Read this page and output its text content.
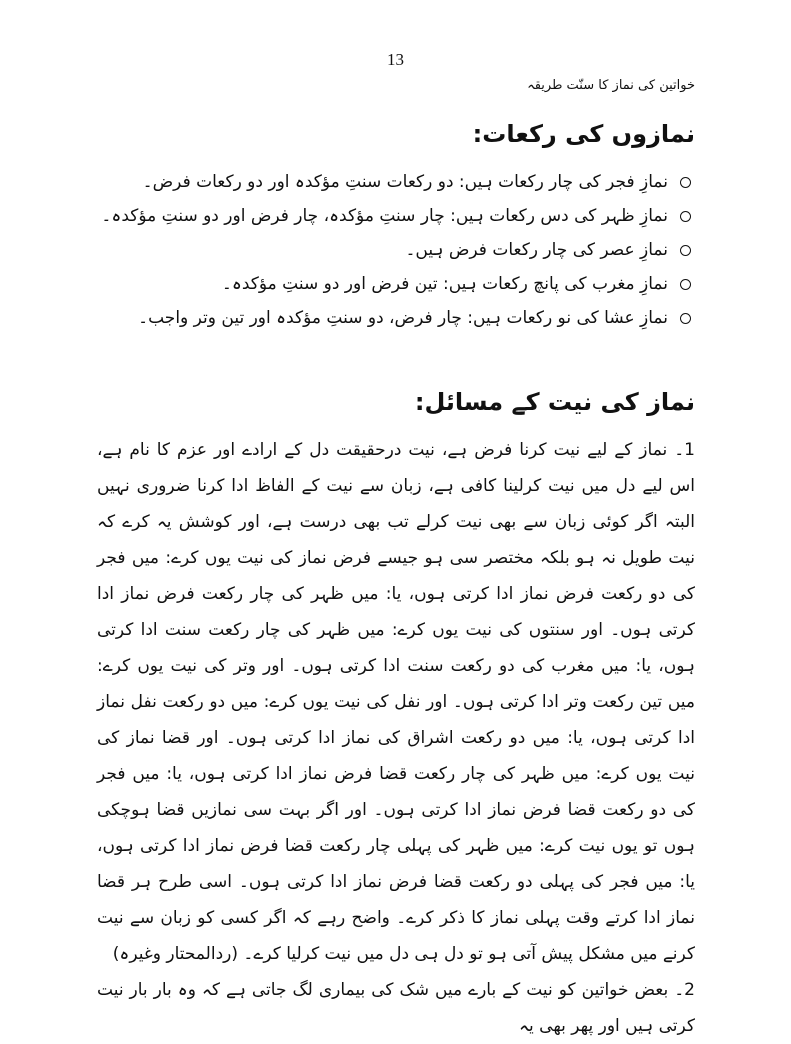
13
خواتین کی نماز کا سنّت طریقہ
نمازوں کی رکعات:
نمازِ فجر کی چار رکعات ہیں: دو رکعات سنتِ مؤکدہ اور دو رکعات فرض۔
نمازِ ظہر کی دس رکعات ہیں: چار سنتِ مؤکدہ، چار فرض اور دو سنتِ مؤکدہ۔
نمازِ عصر کی چار رکعات فرض ہیں۔
نمازِ مغرب کی پانچ رکعات ہیں: تین فرض اور دو سنتِ مؤکدہ۔
نمازِ عشا کی نو رکعات ہیں: چار فرض، دو سنتِ مؤکدہ اور تین وتر واجب۔
نماز کی نیت کے مسائل:

1۔ نماز کے لیے نیت کرنا فرض ہے، نیت درحقیقت دل کے ارادے اور عزم کا نام ہے، اس لیے دل میں نیت کرلینا کافی ہے، زبان سے نیت کے الفاظ ادا کرنا ضروری نہیں البتہ اگر کوئی زبان سے بھی نیت کرلے تب بھی درست ہے، اور کوشش یہ کرے کہ نیت طویل نہ ہو بلکہ مختصر سی ہو جیسے فرض نماز کی نیت یوں کرے: میں فجر کی دو رکعت فرض نماز ادا کرتی ہوں، یا: میں ظہر کی چار رکعت فرض نماز ادا کرتی ہوں۔ اور سنتوں کی نیت یوں کرے: میں ظہر کی چار رکعت سنت ادا کرتی ہوں، یا: میں مغرب کی دو رکعت سنت ادا کرتی ہوں۔ اور وتر کی نیت یوں کرے: میں تین رکعت وتر ادا کرتی ہوں۔ اور نفل کی نیت یوں کرے: میں دو رکعت نفل نماز ادا کرتی ہوں، یا: میں دو رکعت اشراق کی نماز ادا کرتی ہوں۔ اور قضا نماز کی نیت یوں کرے: میں ظہر کی چار رکعت قضا فرض نماز ادا کرتی ہوں، یا: میں فجر کی دو رکعت قضا فرض نماز ادا کرتی ہوں۔ اور اگر بہت سی نمازیں قضا ہوچکی ہوں تو یوں نیت کرے: میں ظہر کی پہلی چار رکعت قضا فرض نماز ادا کرتی ہوں، یا: میں فجر کی پہلی دو رکعت قضا فرض نماز ادا کرتی ہوں۔ اسی طرح ہر قضا نماز ادا کرتے وقت پہلی نماز کا ذکر کرے۔ واضح رہے کہ اگر کسی کو زبان سے نیت کرنے میں مشکل پیش آتی ہو تو دل ہی دل میں نیت کرلیا کرے۔ (ردالمحتار وغیرہ)

2۔ بعض خواتین کو نیت کے بارے میں شک کی بیماری لگ جاتی ہے کہ وہ بار بار نیت کرتی ہیں اور پھر بھی یہ
